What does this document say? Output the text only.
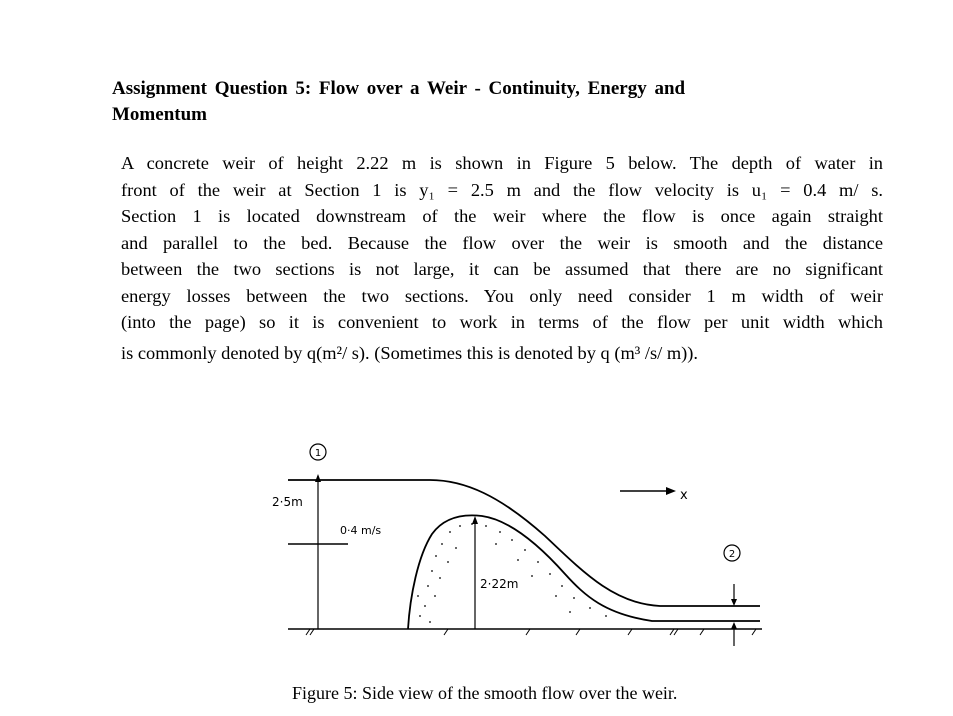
Assignment Question 5: Flow over a Weir - Continuity, Energy and
Momentum
A concrete weir of height 2.22 m is shown in Figure 5 below. The depth of water in
front of the weir at Section 1 is y₁ = 2.5 m and the flow velocity is u₁ = 0.4 m/ s.
Section 1 is located downstream of the weir where the flow is once again straight
and parallel to the bed. Because the flow over the weir is smooth and the distance
between the two sections is not large, it can be assumed that there are no significant
energy losses between the two sections. You only need consider 1 m width of weir
(into the page) so it is convenient to work in terms of the flow per unit width which
is commonly denoted by q(m²/ s). (Sometimes this is denoted by q (m³ /s/ m)).
2·22m
1
2·5m
0·4 m/s
x
2
Figure 5: Side view of the smooth flow over the weir.
